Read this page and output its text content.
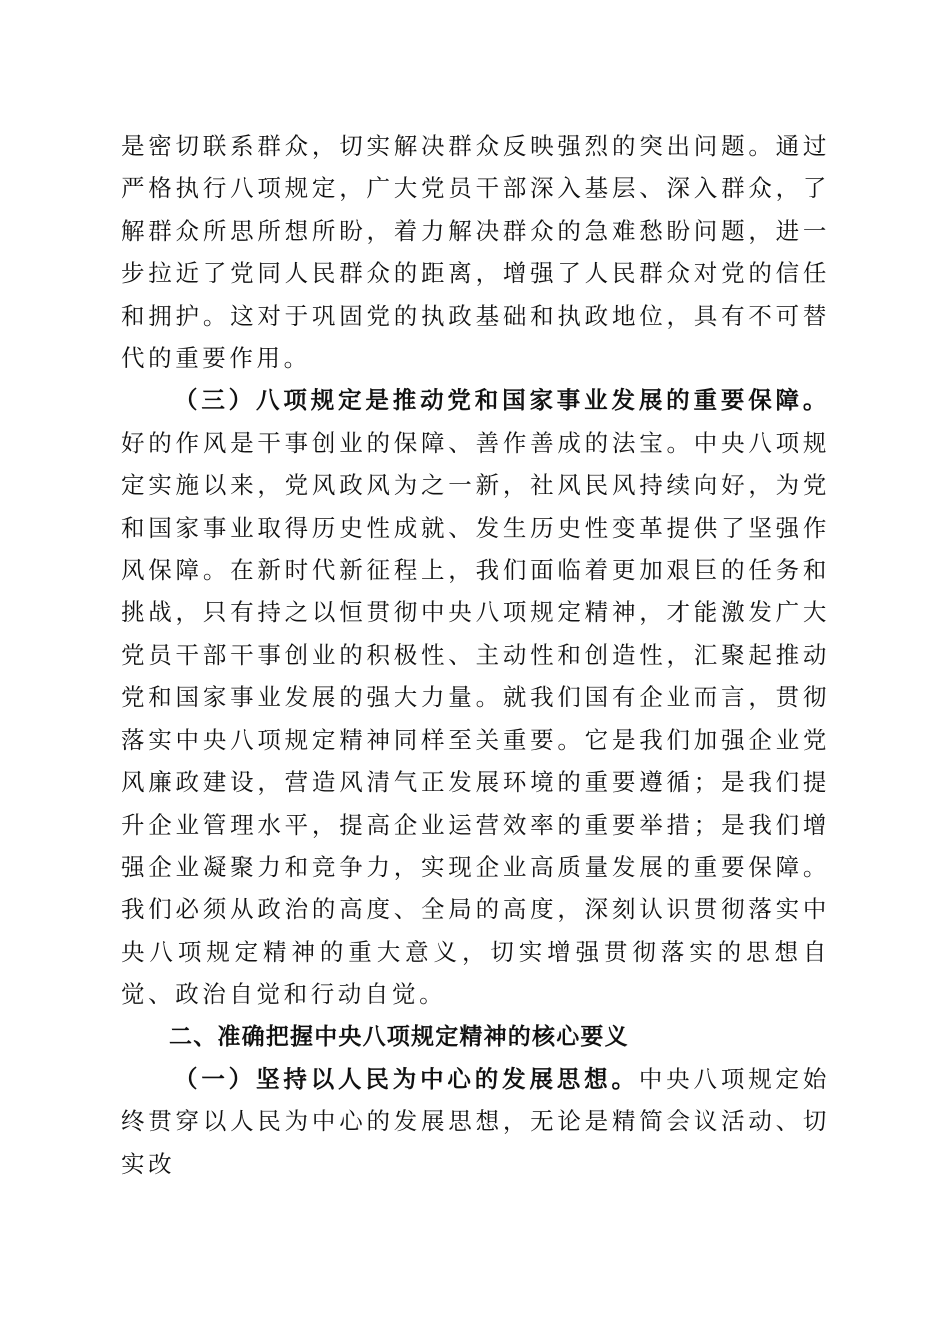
是密切联系群众，切实解决群众反映强烈的突出问题。通过严格执行八项规定，广大党员干部深入基层、深入群众，了解群众所思所想所盼，着力解决群众的急难愁盼问题，进一步拉近了党同人民群众的距离，增强了人民群众对党的信任和拥护。这对于巩固党的执政基础和执政地位，具有不可替代的重要作用。

（三）八项规定是推动党和国家事业发展的重要保障。好的作风是干事创业的保障、善作善成的法宝。中央八项规定实施以来，党风政风为之一新，社风民风持续向好，为党和国家事业取得历史性成就、发生历史性变革提供了坚强作风保障。在新时代新征程上，我们面临着更加艰巨的任务和挑战，只有持之以恒贯彻中央八项规定精神，才能激发广大党员干部干事创业的积极性、主动性和创造性，汇聚起推动党和国家事业发展的强大力量。就我们国有企业而言，贯彻落实中央八项规定精神同样至关重要。它是我们加强企业党风廉政建设，营造风清气正发展环境的重要遵循；是我们提升企业管理水平，提高企业运营效率的重要举措；是我们增强企业凝聚力和竞争力，实现企业高质量发展的重要保障。我们必须从政治的高度、全局的高度，深刻认识贯彻落实中央八项规定精神的重大意义，切实增强贯彻落实的思想自觉、政治自觉和行动自觉。

二、准确把握中央八项规定精神的核心要义

（一）坚持以人民为中心的发展思想。中央八项规定始终贯穿以人民为中心的发展思想，无论是精简会议活动、切实改
